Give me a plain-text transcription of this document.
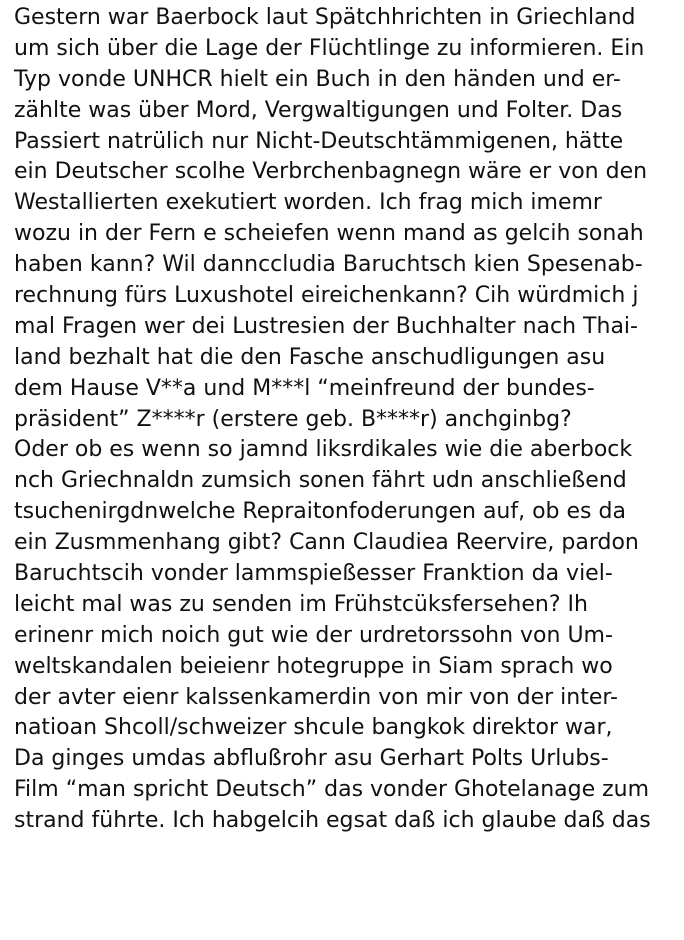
Gestern war Baerbock laut Spätchhrichten in Griechland
um sich über die Lage der Flüchtlinge zu informieren. Ein
Typ vonde UNHCR hielt ein Buch in den händen und er-
zählte was über Mord, Vergwaltigungen und Folter. Das
Passiert natrülich nur Nicht-Deutschtämmigenen, hätte
ein Deutscher scolhe Verbrchenbagnegn wäre er von den
Westallierten exekutiert worden. Ich frag mich imemr
wozu in der Fern e scheiefen wenn mand as gelcih sonah
haben kann? Wil dannccludia Baruchtsch kien Spesenab-
rechnung fürs Luxushotel eireichenkann? Cih würdmich j
mal Fragen wer dei Lustresien der Buchhalter nach Thai-
land bezhalt hat die den Fasche anschudligungen asu
dem Hause V**a und M***l “meinfreund der bundes-
präsident” Z****r (erstere geb. B****r) anchginbg?
Oder ob es wenn so jamnd liksrdikales wie die aberbock
nch Griechnaldn zumsich sonen fährt udn anschließend
tsuchenirgdnwelche Repraitonfoderungen auf, ob es da
ein Zusmmenhang gibt? Cann Claudiea Reervire, pardon
Baruchtscih vonder lammspießesser Franktion da viel-
leicht mal was zu senden im Frühstcüksfersehen? Ih
erinenr mich noich gut wie der urdretorssohn von Um-
weltskandalen beieienr hotegruppe in Siam sprach wo
der avter eienr kalssenkamerdin von mir von der inter-
natioan Shcoll/schweizer shcule bangkok direktor war,
Da ginges umdas abflußrohr asu Gerhart Polts Urlubs-
Film “man spricht Deutsch” das vonder Ghotelanage zum
strand führte. Ich habgelcih egsat daß ich glaube daß das
